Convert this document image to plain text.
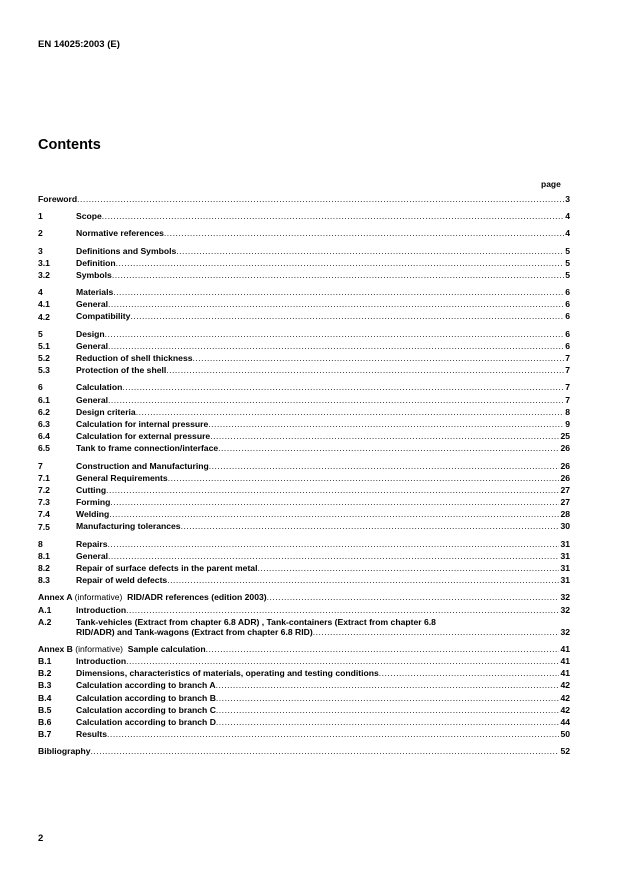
EN 14025:2003 (E)
Contents
page
Foreword .....	3
1	Scope .....	4
2	Normative references .....	4
3	Definitions and Symbols .....	5
3.1	Definition .....	5
3.2	Symbols .....	5
4	Materials .....	6
4.1	General .....	6
4.2	Compatibility .....	6
5	Design .....	6
5.1	General .....	6
5.2	Reduction of shell thickness .....	7
5.3	Protection of the shell .....	7
6	Calculation .....	7
6.1	General .....	7
6.2	Design criteria .....	8
6.3	Calculation for internal pressure .....	9
6.4	Calculation for external pressure .....	25
6.5	Tank to frame connection/interface .....	26
7	Construction and Manufacturing .....	26
7.1	General Requirements .....	26
7.2	Cutting .....	27
7.3	Forming .....	27
7.4	Welding .....	28
7.5	Manufacturing tolerances .....	30
8	Repairs .....	31
8.1	General .....	31
8.2	Repair of surface defects in the parent metal .....	31
8.3	Repair of weld defects .....	31
Annex A (informative) RID/ADR references (edition 2003) .....	32
A.1	Introduction .....	32
A.2	Tank-vehicles (Extract from chapter 6.8 ADR) , Tank-containers (Extract from chapter 6.8
RID/ADR) and Tank-wagons (Extract from chapter 6.8 RID) .....	32
Annex B (informative) Sample calculation .....	41
B.1	Introduction .....	41
B.2	Dimensions, characteristics of materials, operating and testing conditions .....	41
B.3	Calculation according to branch A .....	42
B.4	Calculation according to branch B .....	42
B.5	Calculation according to branch C .....	42
B.6	Calculation according to branch D .....	44
B.7	Results .....	50
Bibliography .....	52
2
